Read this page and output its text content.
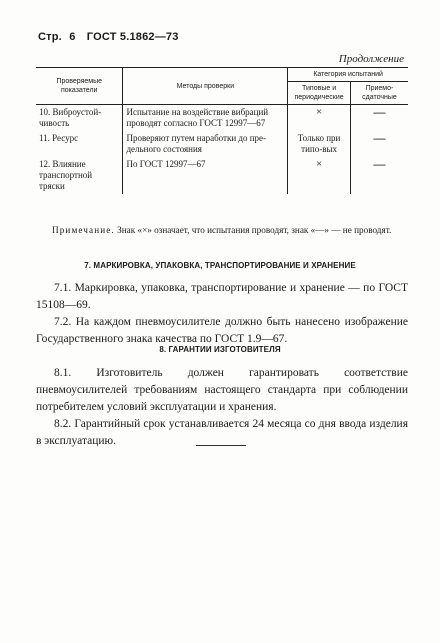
Стр. 6 ГОСТ 5.1862—73
Продолжение
Проверяемые показатели	Методы проверки	Категория испытаний	
		Типовые и периодические	Приемо-сдаточные
10. Виброустой-чивость	Испытание на воздействие вибраций проводят согласно ГОСТ 12997—67	×	—
11. Ресурс	Проверяют путем наработки до пре-дельного состояния	Только при типо-вых	—
12. Влияние транспортной тряски	По ГОСТ 12997—67	×	—
Примечание. Знак «×» означает, что испытания проводят, знак «—» — не проводят.
7. МАРКИРОВКА, УПАКОВКА, ТРАНСПОРТИРОВАНИЕ И ХРАНЕНИЕ

7.1. Маркировка, упаковка, транспортирование и хранение — по ГОСТ 15108—69.

7.2. На каждом пневмоусилителе должно быть нанесено изображение Государственного знака качества по ГОСТ 1.9—67.

8. ГАРАНТИИ ИЗГОТОВИТЕЛЯ

8.1. Изготовитель должен гарантировать соответствие пневмоусилителей требованиям настоящего стандарта при соблюдении потребителем условий эксплуатации и хранения.

8.2. Гарантийный срок устанавливается 24 месяца со дня ввода изделия в эксплуатацию.
